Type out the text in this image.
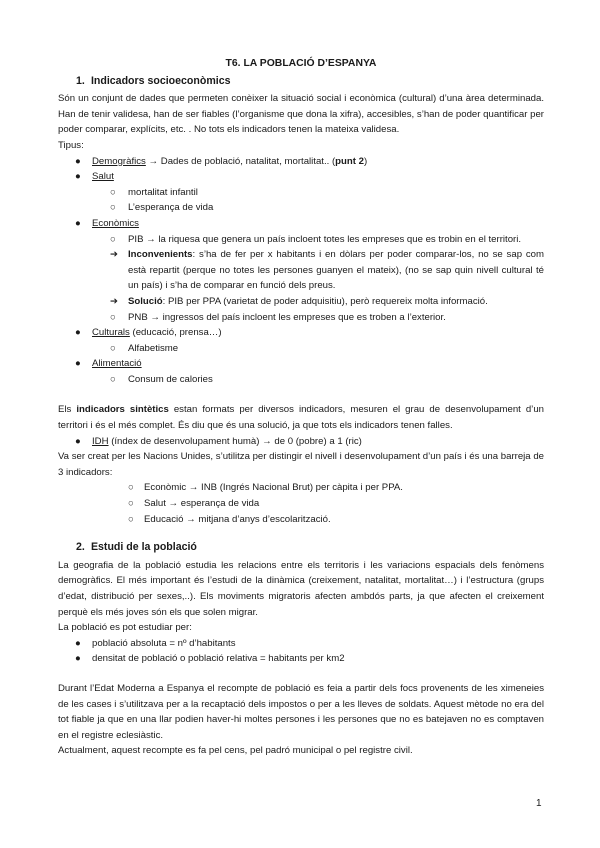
T6. LA POBLACIÓ D’ESPANYA
1. Indicadors socioeconòmics

Són un conjunt de dades que permeten conèixer la situació social i econòmica (cultural) d’una àrea determinada. Han de tenir validesa, han de ser fiables (l’organisme que dona la xifra), accesibles, s’han de poder quantificar per poder comparar, explícits, etc. . No tots els indicadors tenen la mateixa validesa.

Tipus:

● Demogràfics → Dades de població, natalitat, mortalitat.. (punt 2)
● Salut
○ mortalitat infantil
○ L’esperança de vida
● Econòmics
○ PIB → la riquesa que genera un país incloent totes les empreses que es trobin en el territori.
➔ Inconvenients: s’ha de fer per x habitants i en dòlars per poder comparar-los, no se sap com està repartit (perque no totes les persones guanyen el mateix), (no se sap quin nivell cultural té un país) i s’ha de comparar en funció dels preus.
➔ Solució: PIB per PPA (varietat de poder adquisitiu), però requereix molta informació.
○ PNB → ingressos del país incloent les empreses que es troben a l’exterior.
● Culturals (educació, prensa…)
○ Alfabetisme
● Alimentació
○ Consum de calories

Els indicadors sintètics estan formats per diversos indicadors, mesuren el grau de desenvolupament d’un territori i és el més complet. És diu que és una solució, ja que tots els indicadors tenen falles.

● IDH (índex de desenvolupament humà) → de 0 (pobre) a 1 (ric)

Va ser creat per les Nacions Unides, s’utilitza per distingir el nivell i desenvolupament d’un país i és una barreja de 3 indicadors:

○ Econòmic → INB (Ingrés Nacional Brut) per càpita i per PPA.
○ Salut → esperança de vida
○ Educació → mitjana d’anys d’escolarització.
2. Estudi de la població

La geografia de la població estudia les relacions entre els territoris i les variacions espacials dels fenòmens demogràfics. El més important és l’estudi de la dinàmica (creixement, natalitat, mortalitat…) i l’estructura (grups d’edat, distribució per sexes,..). Els moviments migratoris afecten ambdós parts, ja que afecten el creixement perquè els més joves són els que solen migrar.

La població es pot estudiar per:

● població absoluta = nº d’habitants
● densitat de població o població relativa = habitants per km2

Durant l’Edat Moderna a Espanya el recompte de població es feia a partir dels focs provenents de les ximeneies de les cases i s’utilitzava per a la recaptació dels impostos o per a les lleves de soldats. Aquest mètode no era del tot fiable ja que en una llar podien haver-hi moltes persones i les persones que no es batejaven no es comptaven en el registre eclesiàstic.

Actualment, aquest recompte es fa pel cens, pel padró municipal o pel registre civil.

1
